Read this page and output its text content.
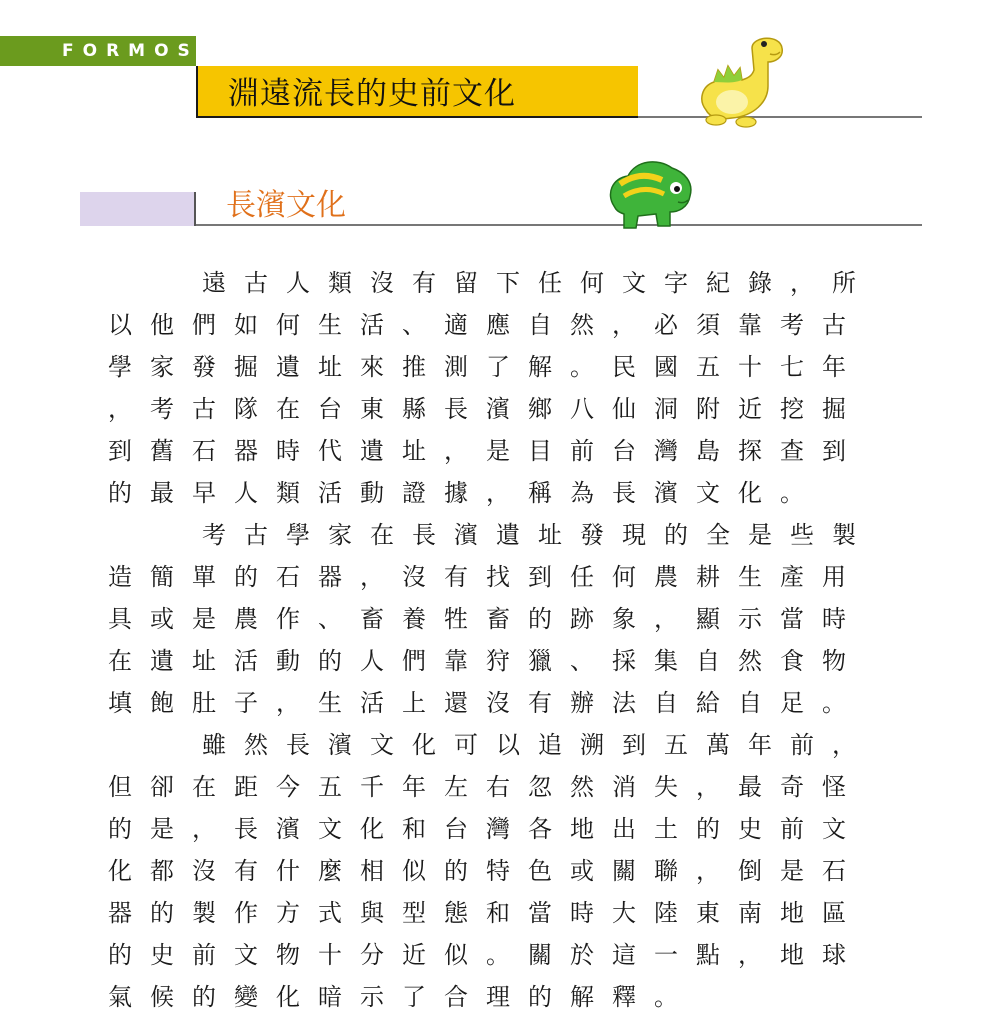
FORMOSA
淵遠流長的史前文化
長濱文化
遠古人類沒有留下任何文字紀錄，所
以他們如何生活、適應自然，必須靠考古
學家發掘遺址來推測了解。民國五十七年
，考古隊在台東縣長濱鄉八仙洞附近挖掘
到舊石器時代遺址，是目前台灣島探查到
的最早人類活動證據，稱為長濱文化。
考古學家在長濱遺址發現的全是些製
造簡單的石器，沒有找到任何農耕生產用
具或是農作、畜養牲畜的跡象，顯示當時
在遺址活動的人們靠狩獵、採集自然食物
填飽肚子，生活上還沒有辦法自給自足。
雖然長濱文化可以追溯到五萬年前，
但卻在距今五千年左右忽然消失，最奇怪
的是，長濱文化和台灣各地出土的史前文
化都沒有什麼相似的特色或關聯，倒是石
器的製作方式與型態和當時大陸東南地區
的史前文物十分近似。關於這一點，地球
氣候的變化暗示了合理的解釋。
